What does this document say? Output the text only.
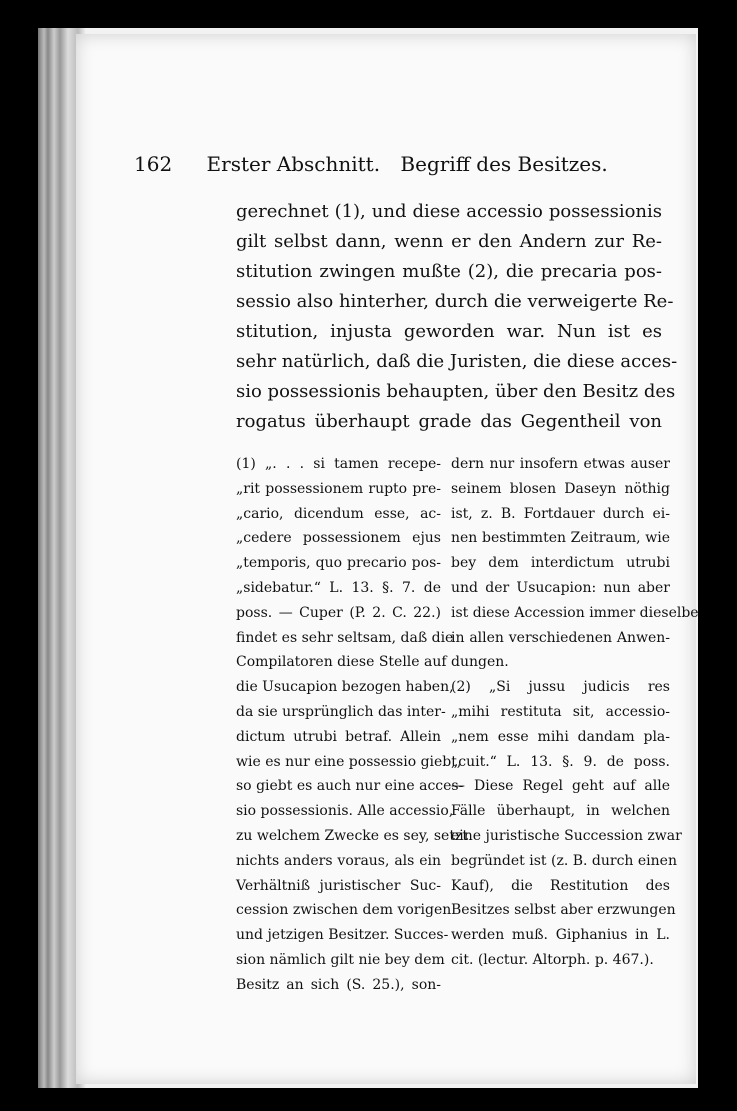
162 Erster Abschnitt. Begriff des Besitzes.
gerechnet (1), und diese accessio possessionis
gilt selbst dann, wenn er den Andern zur Re-
stitution zwingen mußte (2), die precaria pos-
sessio also hinterher, durch die verweigerte Re-
stitution, injusta geworden war. Nun ist es
sehr natürlich, daß die Juristen, die diese acces-
sio possessionis behaupten, über den Besitz des
rogatus überhaupt grade das Gegentheil von
(1) „. . . si tamen recepe-
„rit possessionem rupto pre-
„cario, dicendum esse, ac-
„cedere possessionem ejus
„temporis, quo precario pos-
„sidebatur.“ L. 13. §. 7. de
poss. — Cuper (P. 2. C. 22.)
findet es sehr seltsam, daß die
Compilatoren diese Stelle auf
die Usucapion bezogen haben,
da sie ursprünglich das inter-
dictum utrubi betraf. Allein
wie es nur eine possessio giebt,
so giebt es auch nur eine acces-
sio possessionis. Alle accessio,
zu welchem Zwecke es sey, setzt
nichts anders voraus, als ein
Verhältniß juristischer Suc-
cession zwischen dem vorigen
und jetzigen Besitzer. Succes-
sion nämlich gilt nie bey dem
Besitz an sich (S. 25.), son-
dern nur insofern etwas auser
seinem blosen Daseyn nöthig
ist, z. B. Fortdauer durch ei-
nen bestimmten Zeitraum, wie
bey dem interdictum utrubi
und der Usucapion: nun aber
ist diese Accession immer dieselbe
in allen verschiedenen Anwen-
dungen.
(2) „Si jussu judicis res
„mihi restituta sit, accessio-
„nem esse mihi dandam pla-
„cuit.“ L. 13. §. 9. de poss.
— Diese Regel geht auf alle
Fälle überhaupt, in welchen
eine juristische Succession zwar
begründet ist (z. B. durch einen
Kauf), die Restitution des
Besitzes selbst aber erzwungen
werden muß. Giphanius in L.
cit. (lectur. Altorph. p. 467.).
